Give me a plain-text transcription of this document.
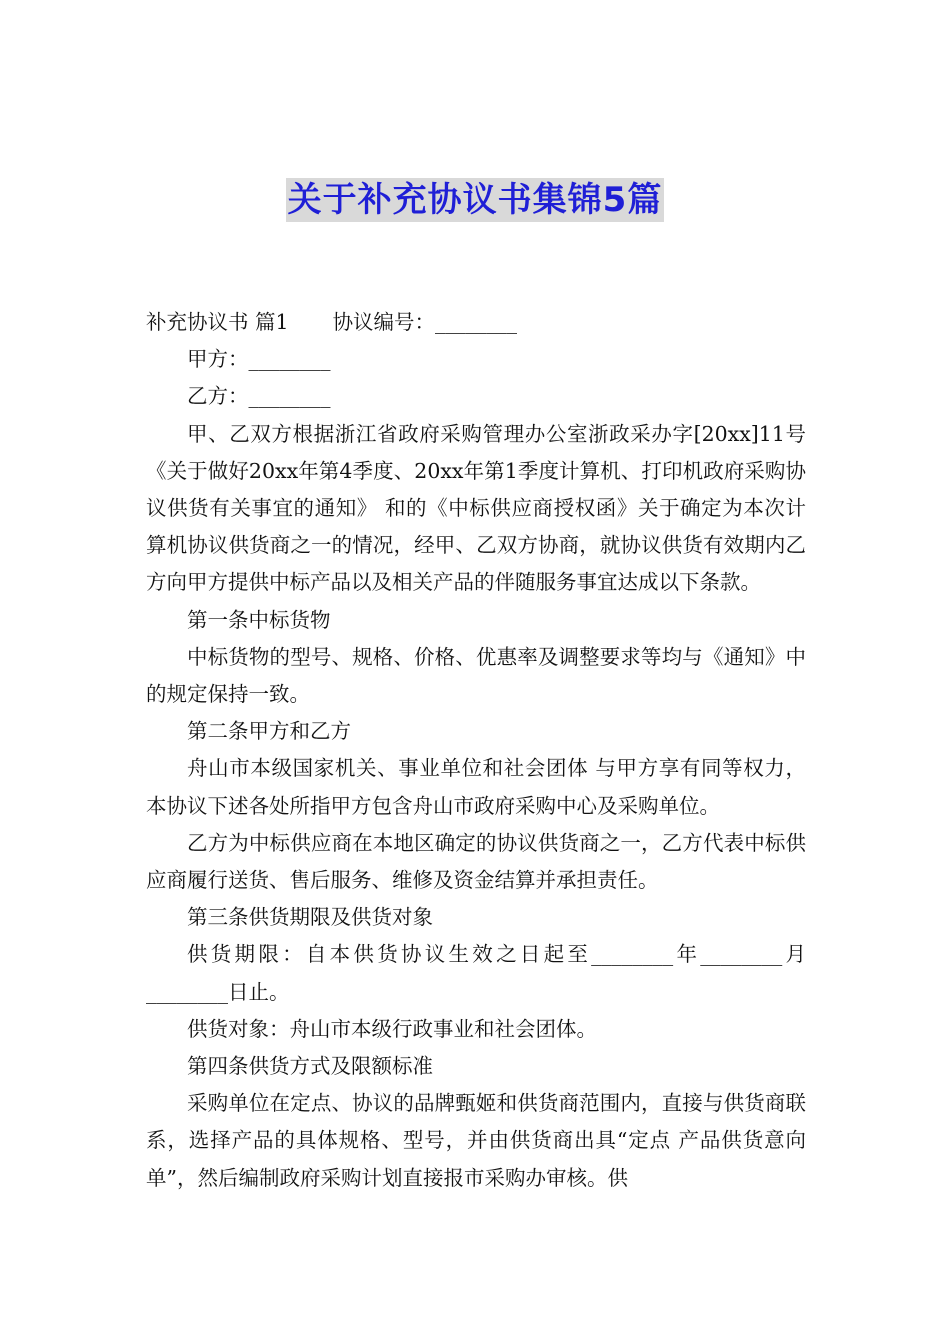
关于补充协议书集锦5篇

补充协议书 篇1 协议编号：________

甲方：________

乙方：________

甲、乙双方根据浙江省政府采购管理办公室浙政采办字[20xx]11号《关于做好20xx年第4季度、20xx年第1季度计算机、打印机政府采购协议供货有关事宜的通知》 和的《中标供应商授权函》关于确定为本次计算机协议供货商之一的情况，经甲、乙双方协商，就协议供货有效期内乙方向甲方提供中标产品以及相关产品的伴随服务事宜达成以下条款。

第一条中标货物

中标货物的型号、规格、价格、优惠率及调整要求等均与《通知》中的规定保持一致。

第二条甲方和乙方

舟山市本级国家机关、事业单位和社会团体 与甲方享有同等权力，本协议下述各处所指甲方包含舟山市政府采购中心及采购单位。

乙方为中标供应商在本地区确定的协议供货商之一，乙方代表中标供应商履行送货、售后服务、维修及资金结算并承担责任。

第三条供货期限及供货对象

供货期限：自本供货协议生效之日起至________年________月________日止。

供货对象：舟山市本级行政事业和社会团体。

第四条供货方式及限额标准

采购单位在定点、协议的品牌甄姬和供货商范围内，直接与供货商联系，选择产品的具体规格、型号，并由供货商出具“定点 产品供货意向单”，然后编制政府采购计划直接报市采购办审核。供
